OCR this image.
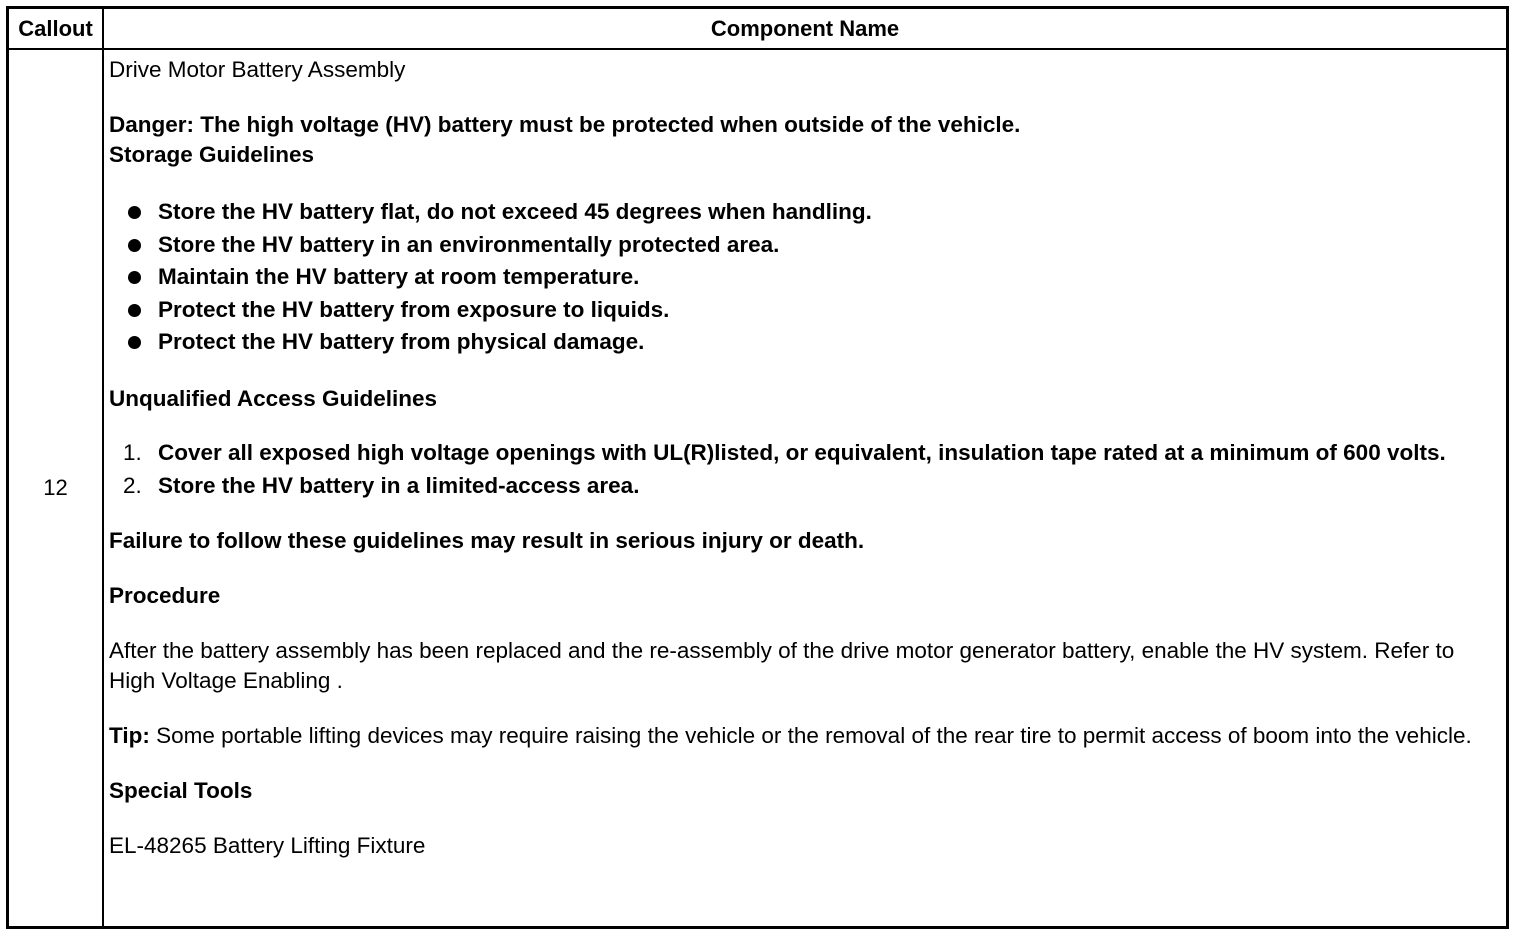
Callout	Component Name
12

Drive Motor Battery Assembly

Danger: The high voltage (HV) battery must be protected when outside of the vehicle.

Storage Guidelines

Store the HV battery flat, do not exceed 45 degrees when handling.
Store the HV battery in an environmentally protected area.
Maintain the HV battery at room temperature.
Protect the HV battery from exposure to liquids.
Protect the HV battery from physical damage.

Unqualified Access Guidelines

1. Cover all exposed high voltage openings with UL(R)listed, or equivalent, insulation tape rated at a minimum of 600 volts.
2. Store the HV battery in a limited-access area.

Failure to follow these guidelines may result in serious injury or death.

Procedure

After the battery assembly has been replaced and the re-assembly of the drive motor generator battery, enable the HV system. Refer to High Voltage Enabling .

Tip: Some portable lifting devices may require raising the vehicle or the removal of the rear tire to permit access of boom into the vehicle.

Special Tools

EL-48265 Battery Lifting Fixture
